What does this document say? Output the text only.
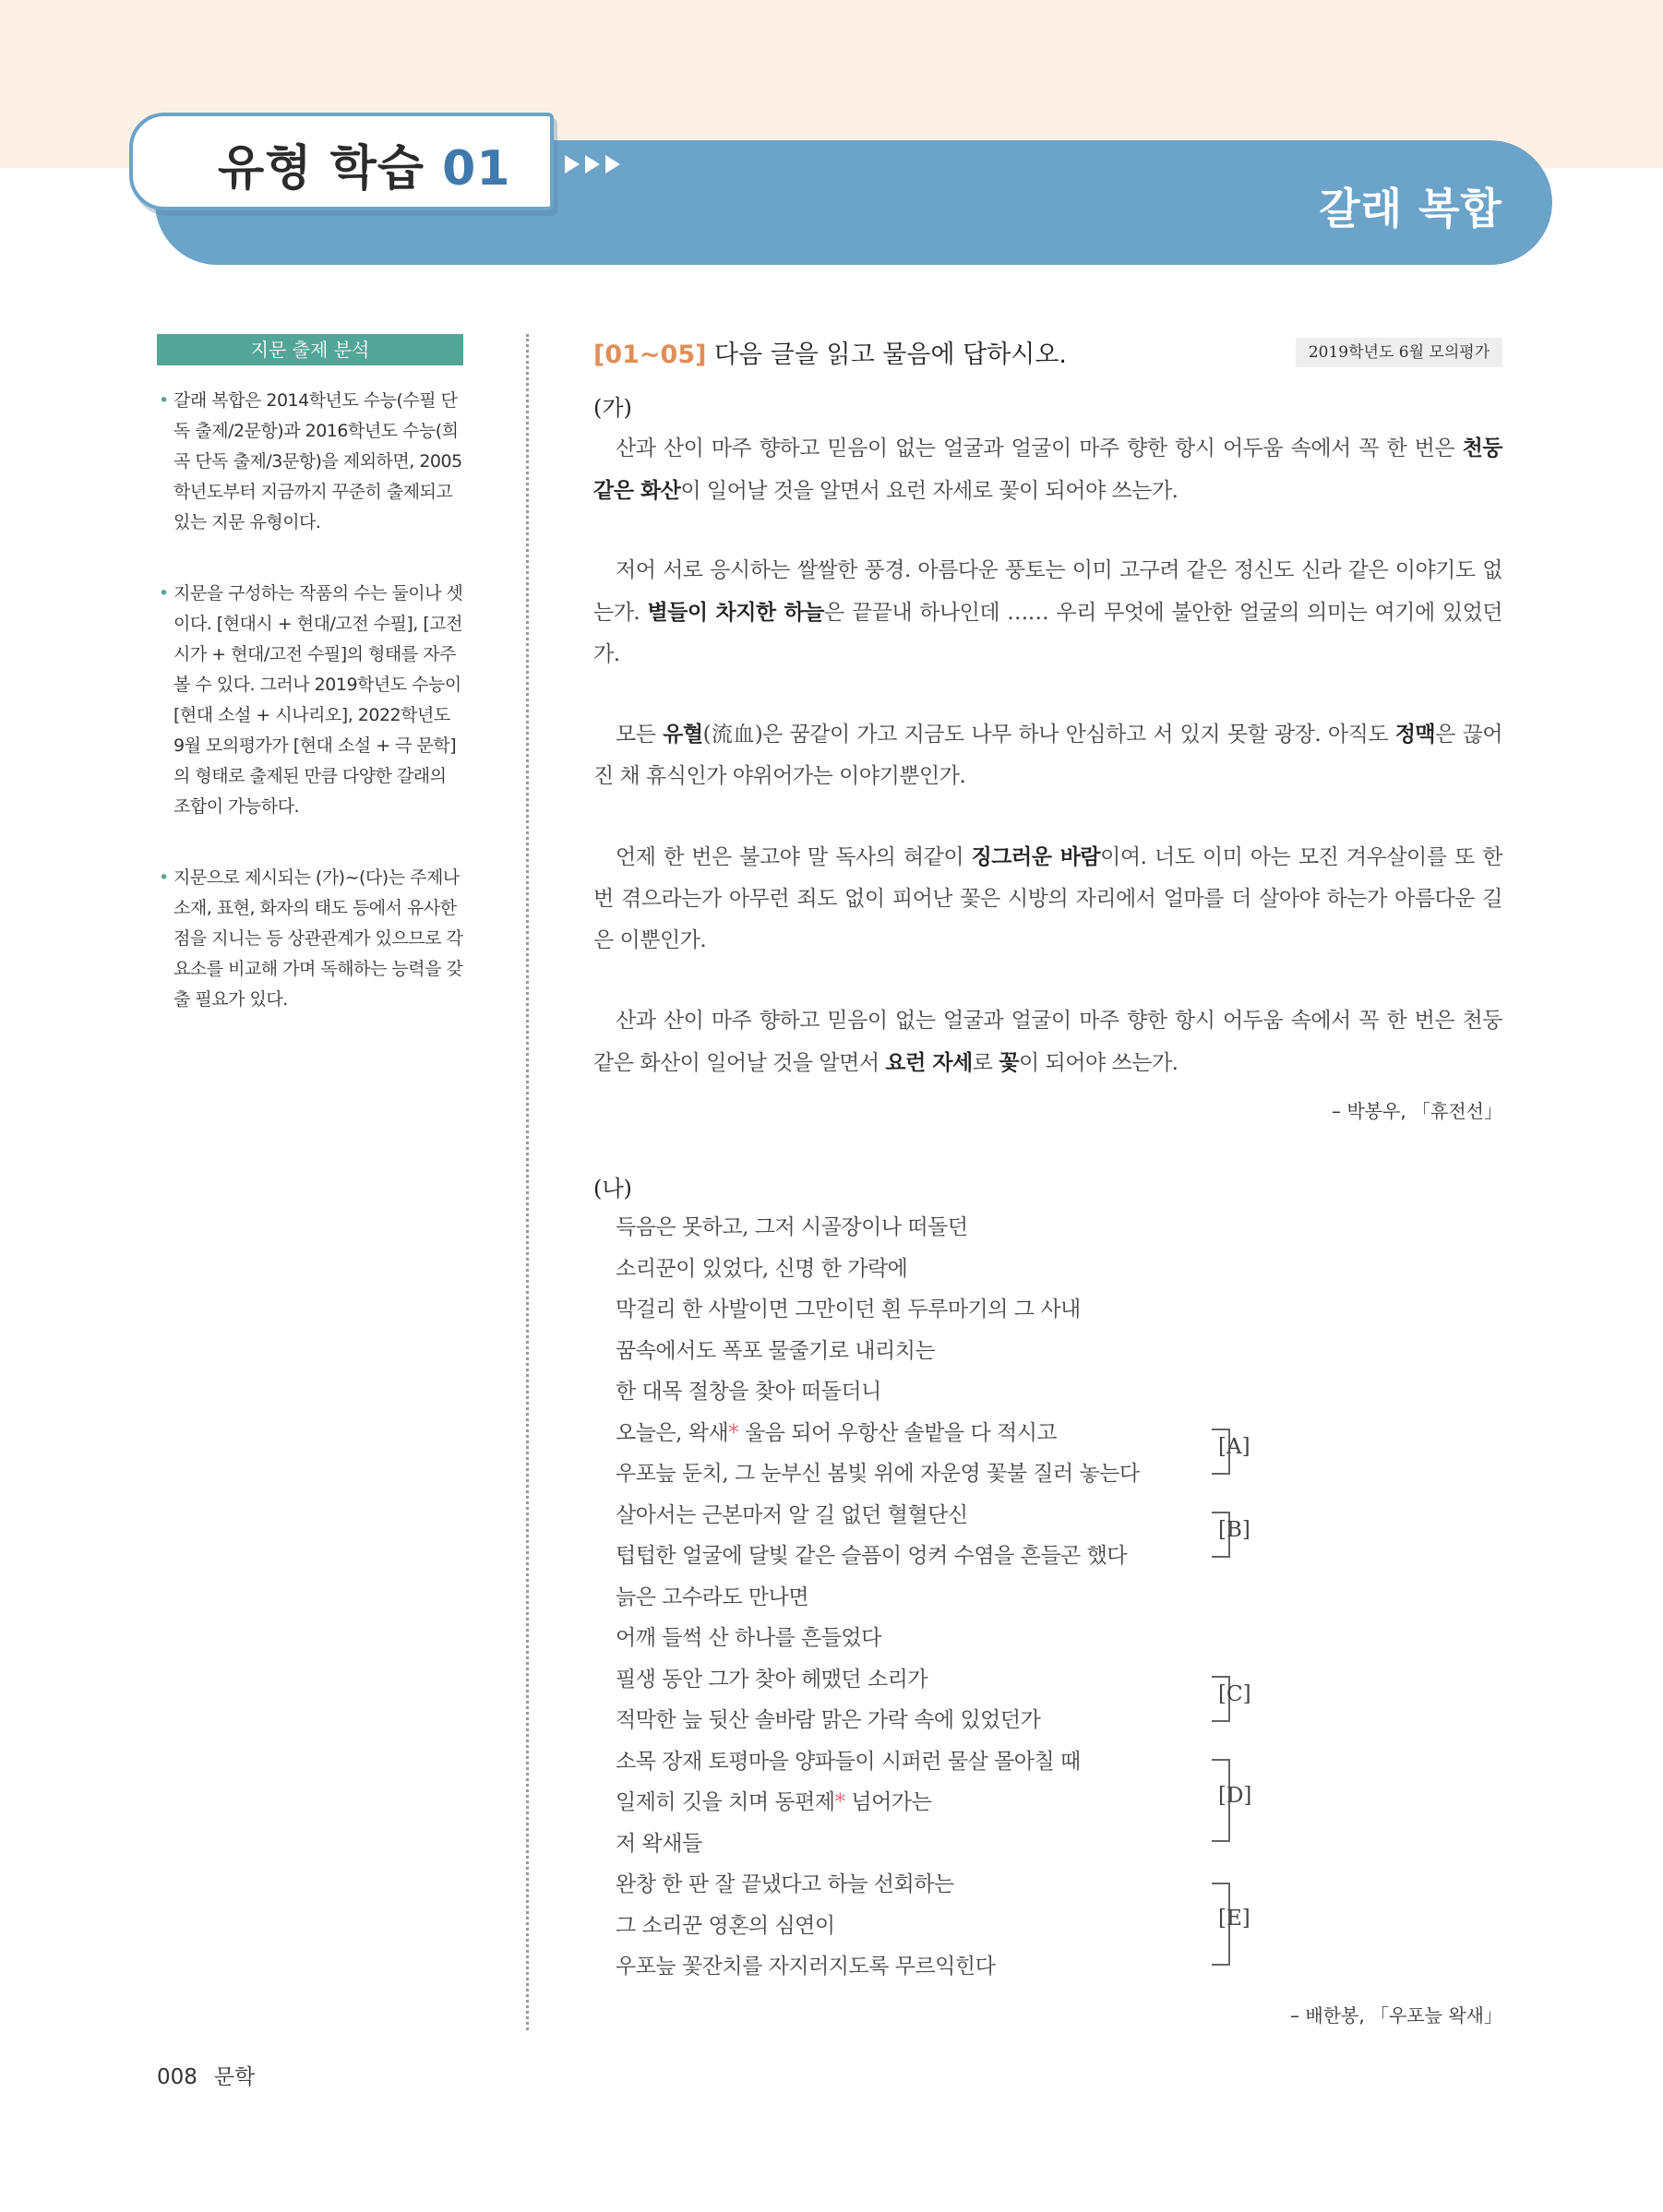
유형 학습 01
갈래 복합
지문 출제 분석
• 갈래 복합은 2014학년도 수능(수필 단독 출제/2문항)과 2016학년도 수능(희곡 단독 출제/3문항)을 제외하면, 2005학년도부터 지금까지 꾸준히 출제되고 있는 지문 유형이다.
• 지문을 구성하는 작품의 수는 둘이나 셋이다. [현대시 + 현대/고전 수필], [고전 시가 + 현대/고전 수필]의 형태를 자주 볼 수 있다. 그러나 2019학년도 수능이 [현대 소설 + 시나리오], 2022학년도 9월 모의평가가 [현대 소설 + 극 문학]의 형태로 출제된 만큼 다양한 갈래의 조합이 가능하다.
• 지문으로 제시되는 (가)~(다)는 주제나 소재, 표현, 화자의 태도 등에서 유사한 점을 지니는 등 상관관계가 있으므로 각 요소를 비교해 가며 독해하는 능력을 갖출 필요가 있다.
[01~05] 다음 글을 읽고 물음에 답하시오.	2019학년도 6월 모의평가
(가)
산과 산이 마주 향하고 믿음이 없는 얼굴과 얼굴이 마주 향한 항시 어두움 속에서 꼭 한 번은 천둥 같은 화산이 일어날 것을 알면서 요런 자세로 꽃이 되어야 쓰는가.
저어 서로 응시하는 쌀쌀한 풍경. 아름다운 풍토는 이미 고구려 같은 정신도 신라 같은 이야기도 없는가. 별들이 차지한 하늘은 끝끝내 하나인데 …… 우리 무엇에 불안한 얼굴의 의미는 여기에 있었던가.
모든 유혈(流血)은 꿈같이 가고 지금도 나무 하나 안심하고 서 있지 못할 광장. 아직도 정맥은 끊어진 채 휴식인가 야위어가는 이야기뿐인가.
언제 한 번은 불고야 말 독사의 혀같이 징그러운 바람이여. 너도 이미 아는 모진 겨우살이를 또 한 번 겪으라는가 아무런 죄도 없이 피어난 꽃은 시방의 자리에서 얼마를 더 살아야 하는가 아름다운 길은 이뿐인가.
산과 산이 마주 향하고 믿음이 없는 얼굴과 얼굴이 마주 향한 항시 어두움 속에서 꼭 한 번은 천둥 같은 화산이 일어날 것을 알면서 요런 자세로 꽃이 되어야 쓰는가.
– 박봉우, 「휴전선」
(나)
득음은 못하고, 그저 시골장이나 떠돌던
소리꾼이 있었다, 신명 한 가락에
막걸리 한 사발이면 그만이던 흰 두루마기의 그 사내
꿈속에서도 폭포 물줄기로 내리치는
한 대목 절창을 찾아 떠돌더니
오늘은, 왁새* 울음 되어 우항산 솔밭을 다 적시고
우포늪 둔치, 그 눈부신 봄빛 위에 자운영 꽃불 질러 놓는다
살아서는 근본마저 알 길 없던 혈혈단신
텁텁한 얼굴에 달빛 같은 슬픔이 엉켜 수염을 흔들곤 했다
늙은 고수라도 만나면
어깨 들썩 산 하나를 흔들었다
필생 동안 그가 찾아 헤맸던 소리가
적막한 늪 뒷산 솔바람 맑은 가락 속에 있었던가
소목 장재 토평마을 양파들이 시퍼런 물살 몰아칠 때
일제히 깃을 치며 동편제* 넘어가는
저 왁새들
완창 한 판 잘 끝냈다고 하늘 선회하는
그 소리꾼 영혼의 심연이
우포늪 꽃잔치를 자지러지도록 무르익힌다
[A]
[B]
[C]
[D]
[E]
– 배한봉, 「우포늪 왁새」
008 문학
